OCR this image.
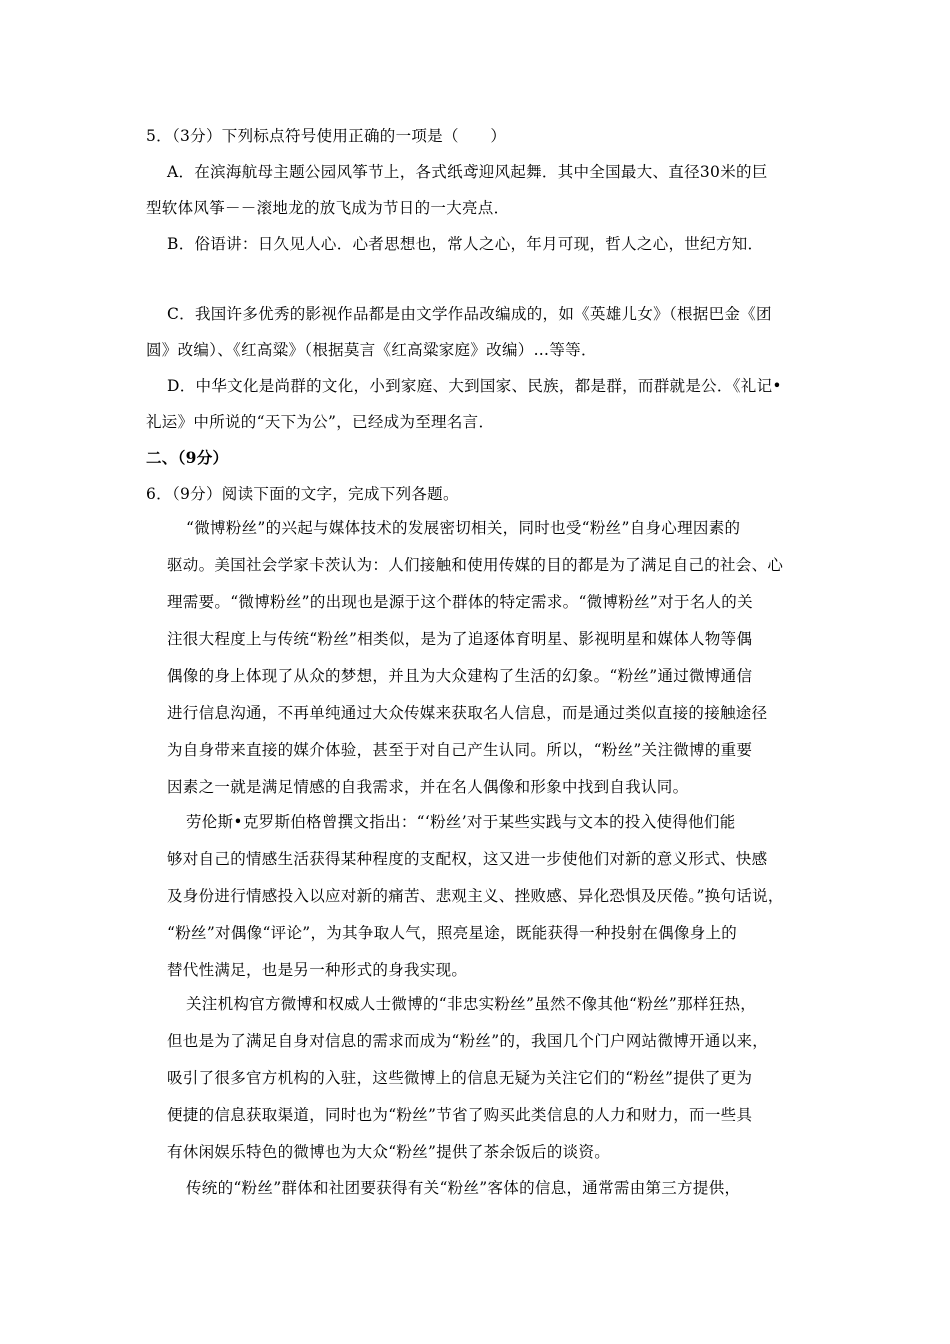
5．（3分）下列标点符号使用正确的一项是（　　）
A．在滨海航母主题公园风筝节上，各式纸鸢迎风起舞．其中全国最大、直径30米的巨
型软体风筝－－滚地龙的放飞成为节日的一大亮点．
B．俗语讲：日久见人心．心者思想也，常人之心，年月可现，哲人之心，世纪方知．
C．我国许多优秀的影视作品都是由文学作品改编成的，如《英雄儿女》（根据巴金《团
圆》改编）、《红高粱》（根据莫言《红高粱家庭》改编）…等等．
D．中华文化是尚群的文化，小到家庭、大到国家、民族，都是群，而群就是公．《礼记•
礼运》中所说的“天下为公”，已经成为至理名言．
二、（9分）
6．（9分）阅读下面的文字，完成下列各题。
“微博粉丝”的兴起与媒体技术的发展密切相关，同时也受“粉丝”自身心理因素的
驱动。美国社会学家卡茨认为：人们接触和使用传媒的目的都是为了满足自己的社会、心
理需要。“微博粉丝”的出现也是源于这个群体的特定需求。“微博粉丝”对于名人的关
注很大程度上与传统“粉丝”相类似，是为了追逐体育明星、影视明星和媒体人物等偶
偶像的身上体现了从众的梦想，并且为大众建构了生活的幻象。“粉丝”通过微博通信
进行信息沟通，不再单纯通过大众传媒来获取名人信息，而是通过类似直接的接触途径
为自身带来直接的媒介体验，甚至于对自己产生认同。所以，“粉丝”关注微博的重要
因素之一就是满足情感的自我需求，并在名人偶像和形象中找到自我认同。
劳伦斯•克罗斯伯格曾撰文指出：“‘粉丝’对于某些实践与文本的投入使得他们能
够对自己的情感生活获得某种程度的支配权，这又进一步使他们对新的意义形式、快感
及身份进行情感投入以应对新的痛苦、悲观主义、挫败感、异化恐惧及厌倦。”换句话说，
“粉丝”对偶像“评论”，为其争取人气，照亮星途，既能获得一种投射在偶像身上的
替代性满足，也是另一种形式的身我实现。
关注机构官方微博和权威人士微博的“非忠实粉丝”虽然不像其他“粉丝”那样狂热，
但也是为了满足自身对信息的需求而成为“粉丝”的，我国几个门户网站微博开通以来，
吸引了很多官方机构的入驻，这些微博上的信息无疑为关注它们的“粉丝”提供了更为
便捷的信息获取渠道，同时也为“粉丝”节省了购买此类信息的人力和财力，而一些具
有休闲娱乐特色的微博也为大众“粉丝”提供了茶余饭后的谈资。
传统的“粉丝”群体和社团要获得有关“粉丝”客体的信息，通常需由第三方提供，
